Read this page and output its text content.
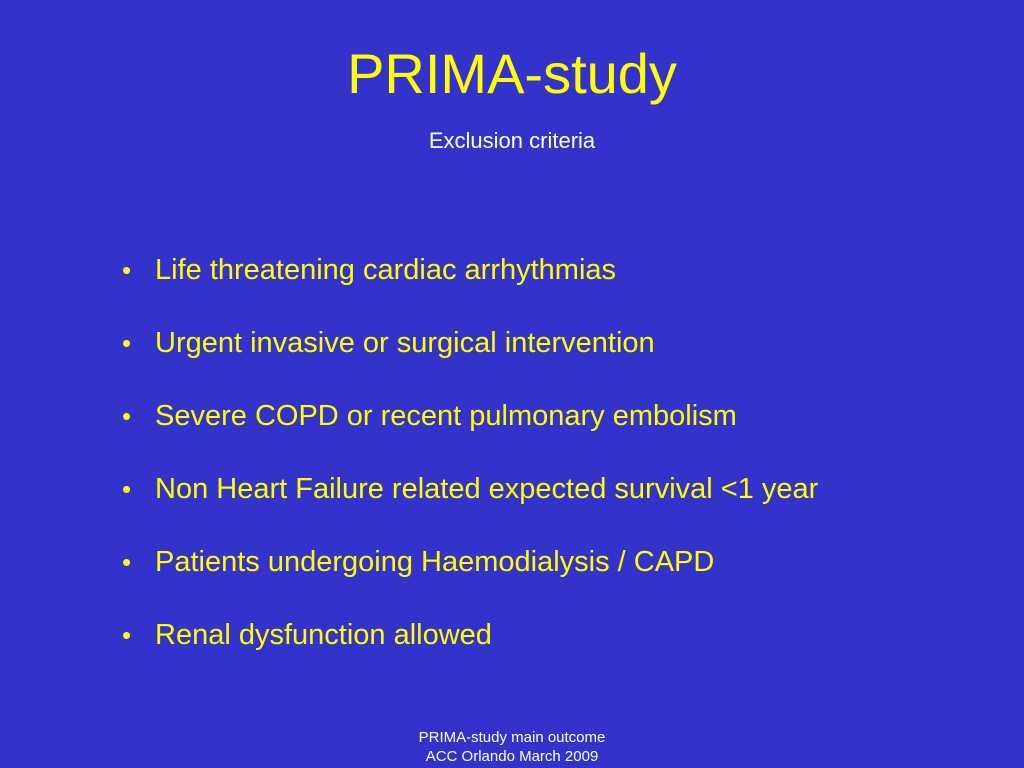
PRIMA-study

Exclusion criteria

• Life threatening cardiac arrhythmias
• Urgent invasive or surgical intervention
• Severe COPD or recent pulmonary embolism
• Non Heart Failure related expected survival <1 year
• Patients undergoing Haemodialysis / CAPD
• Renal dysfunction allowed
PRIMA-study main outcome
ACC Orlando March 2009
